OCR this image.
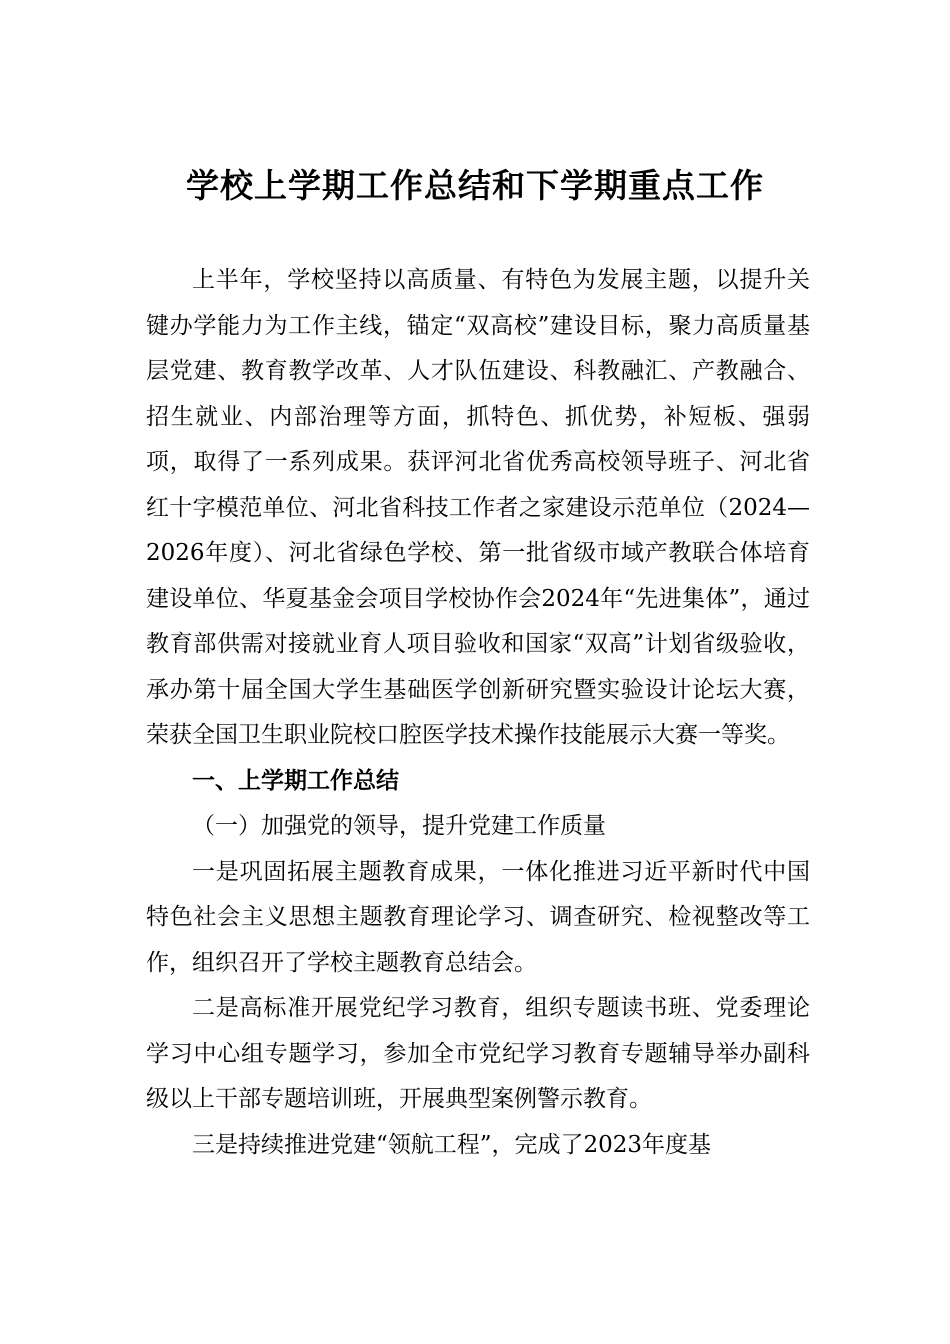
学校上学期工作总结和下学期重点工作

上半年，学校坚持以高质量、有特色为发展主题，以提升关键办学能力为工作主线，锚定“双高校”建设目标，聚力高质量基层党建、教育教学改革、人才队伍建设、科教融汇、产教融合、招生就业、内部治理等方面，抓特色、抓优势，补短板、强弱项，取得了一系列成果。获评河北省优秀高校领导班子、河北省红十字模范单位、河北省科技工作者之家建设示范单位（2024—2026年度）、河北省绿色学校、第一批省级市域产教联合体培育建设单位、华夏基金会项目学校协作会2024年“先进集体”，通过教育部供需对接就业育人项目验收和国家“双高”计划省级验收，承办第十届全国大学生基础医学创新研究暨实验设计论坛大赛，荣获全国卫生职业院校口腔医学技术操作技能展示大赛一等奖。

一、上学期工作总结

（一）加强党的领导，提升党建工作质量

一是巩固拓展主题教育成果，一体化推进习近平新时代中国特色社会主义思想主题教育理论学习、调查研究、检视整改等工作，组织召开了学校主题教育总结会。

二是高标准开展党纪学习教育，组织专题读书班、党委理论学习中心组专题学习，参加全市党纪学习教育专题辅导举办副科级以上干部专题培训班，开展典型案例警示教育。

三是持续推进党建“领航工程”，完成了2023年度基
